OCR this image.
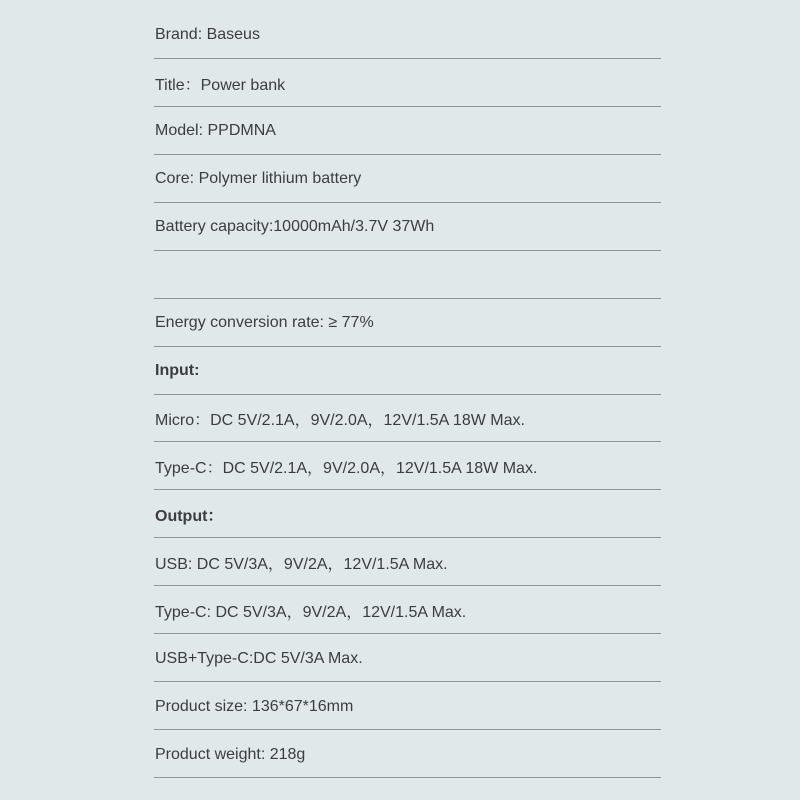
Brand: Baseus
Title：Power bank
Model: PPDMNA
Core: Polymer lithium battery
Battery capacity:10000mAh/3.7V 37Wh
Energy conversion rate: ≥ 77%
Input:
Micro：DC 5V/2.1A，9V/2.0A，12V/1.5A 18W Max.
Type-C：DC 5V/2.1A，9V/2.0A，12V/1.5A 18W Max.
Output：
USB: DC 5V/3A，9V/2A，12V/1.5A Max.
Type-C: DC 5V/3A，9V/2A，12V/1.5A Max.
USB+Type-C:DC 5V/3A Max.
Product size: 136*67*16mm
Product weight: 218g
